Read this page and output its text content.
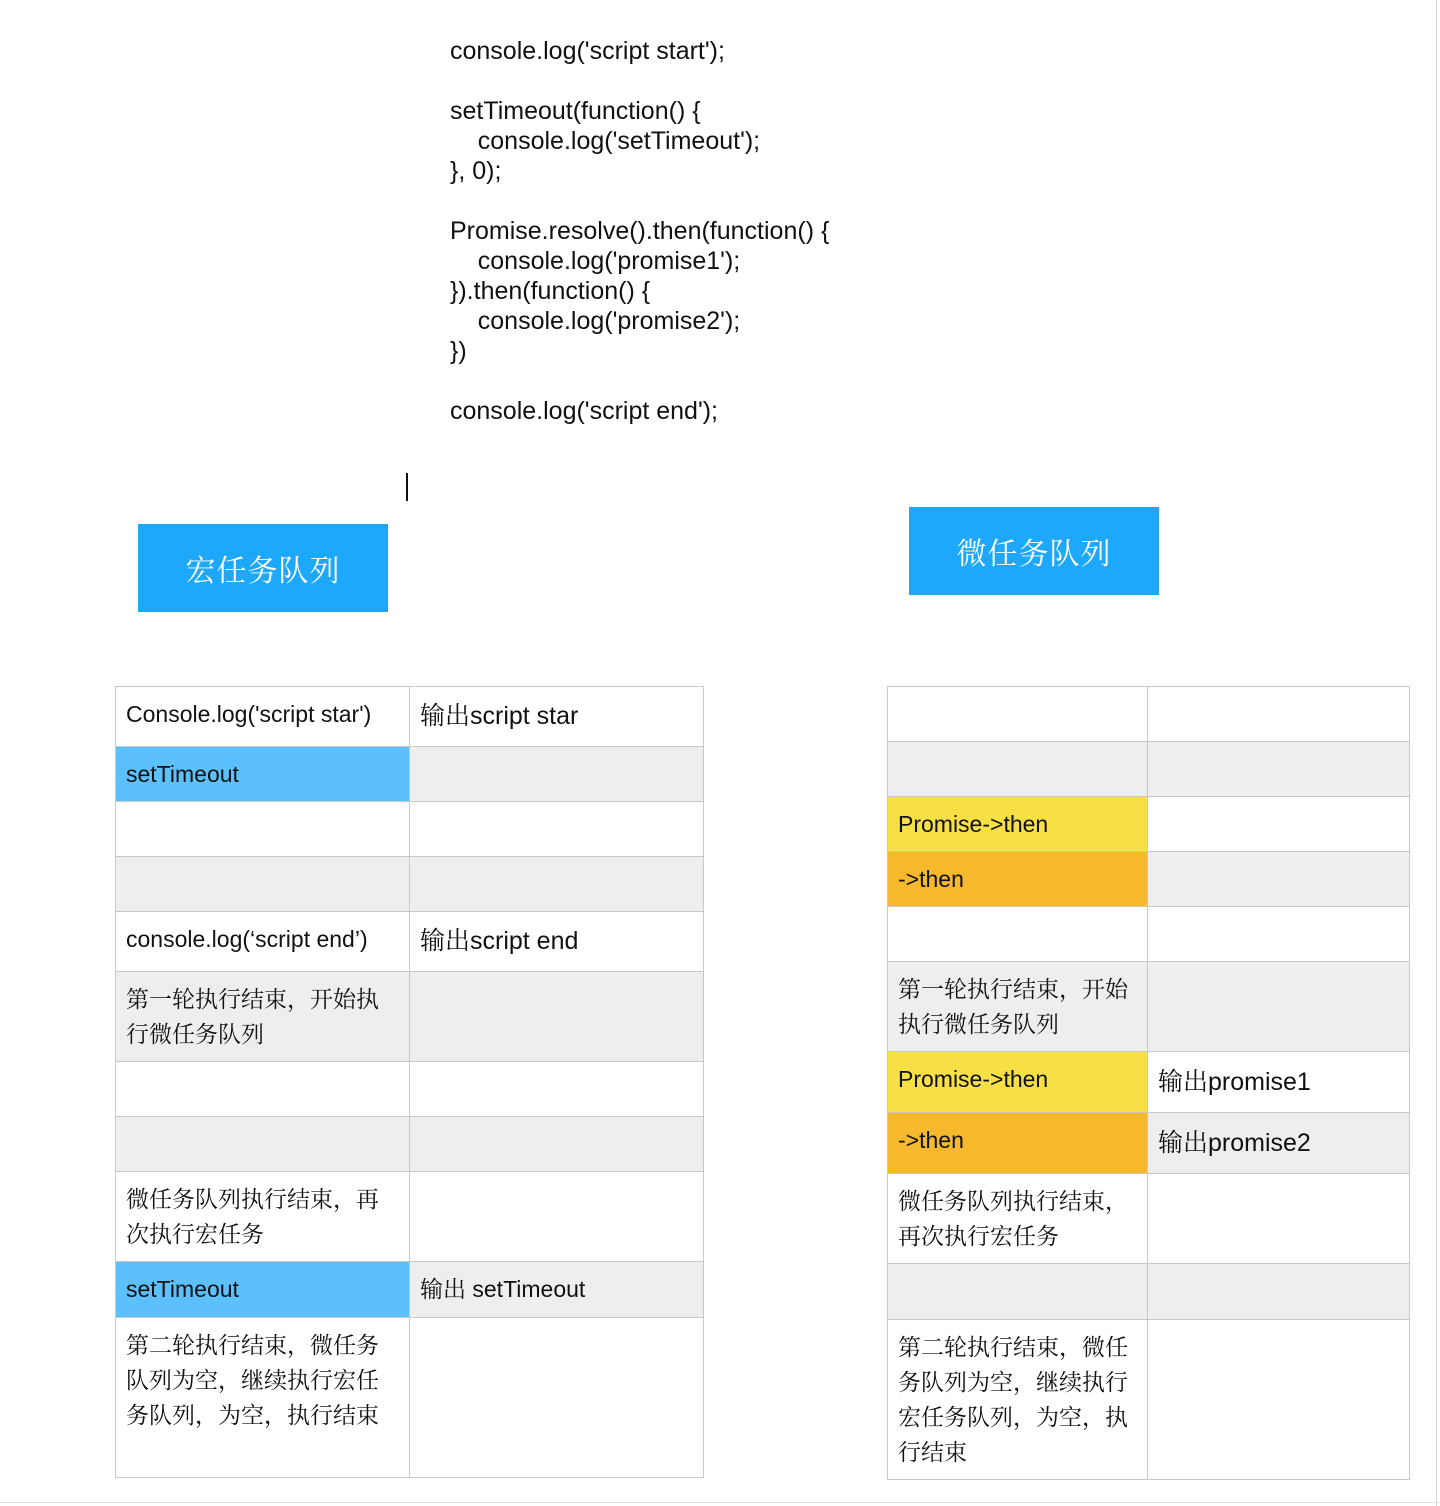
console.log('script start');
setTimeout(function() {
console.log('setTimeout');
}, 0);
Promise.resolve().then(function() {
console.log('promise1');
}).then(function() {
console.log('promise2');
})
console.log('script end');
宏任务队列
微任务队列
Console.log('script star')	输出script star
setTimeout	

console.log(‘script end’)	输出script end
第一轮执行结束，开始执行微任务队列	

微任务队列执行结束，再次执行宏任务	
setTimeout	输出 setTimeout
第二轮执行结束，微任务队列为空，继续执行宏任务队列，为空，执行结束	

Promise->then	
->then	

第一轮执行结束，开始执行微任务队列	
Promise->then	输出promise1
->then	输出promise2
微任务队列执行结束，再次执行宏任务	

第二轮执行结束，微任务队列为空，继续执行宏任务队列，为空，执行结束	
